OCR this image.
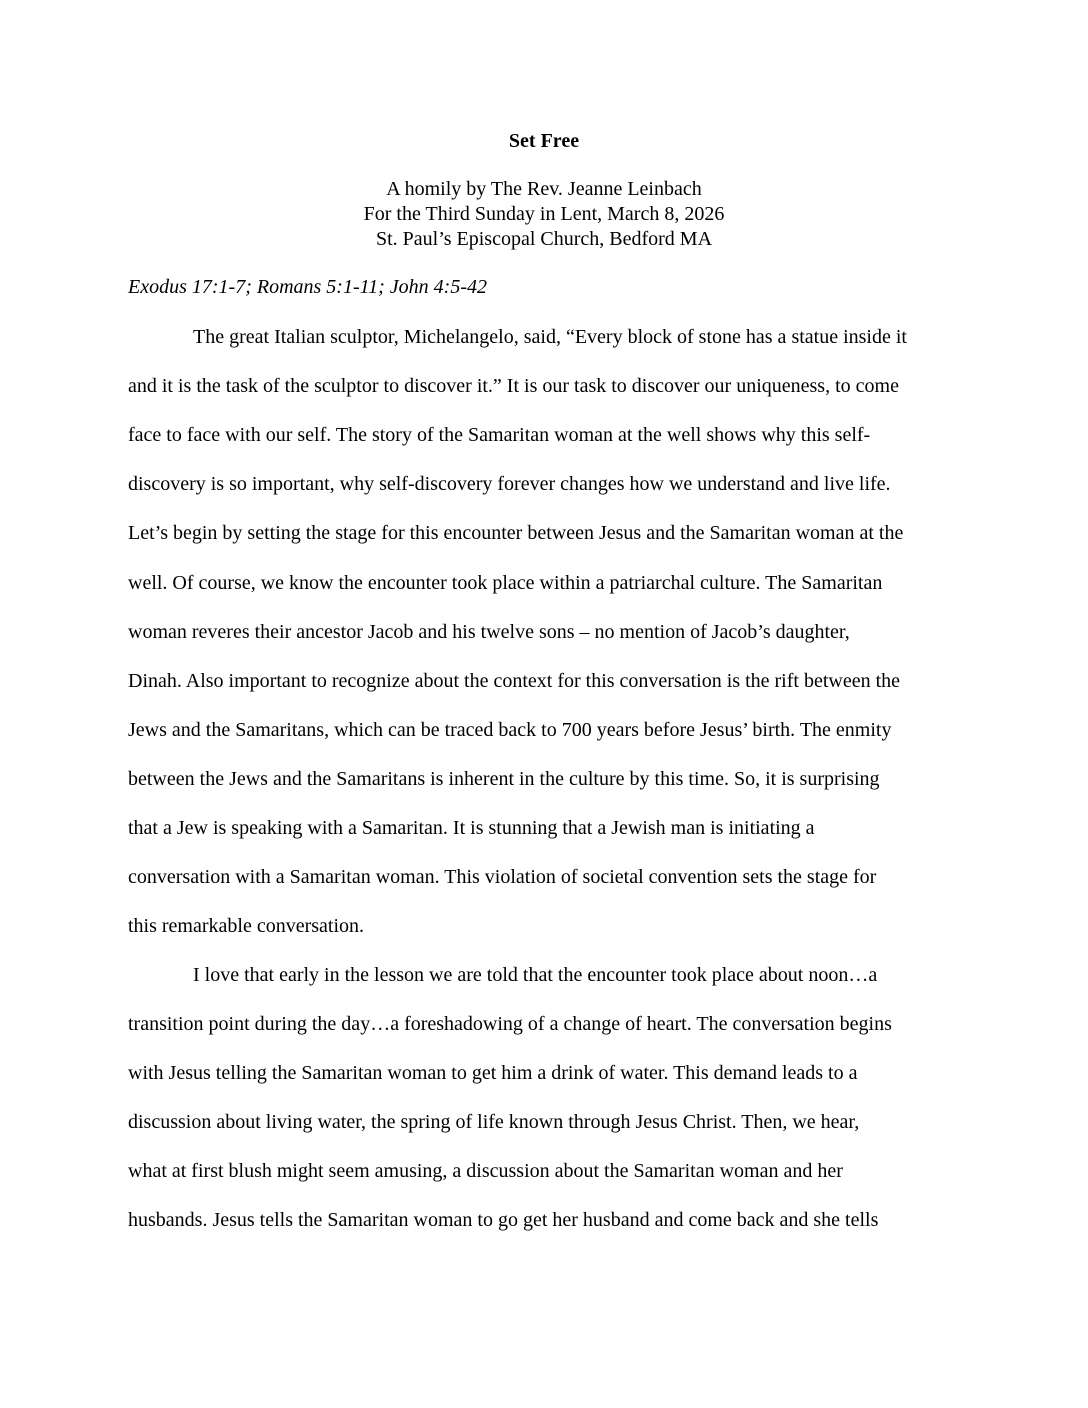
Set Free
A homily by The Rev. Jeanne Leinbach
For the Third Sunday in Lent, March 8, 2026
St. Paul’s Episcopal Church, Bedford MA
Exodus 17:1-7; Romans 5:1-11; John 4:5-42
The great Italian sculptor, Michelangelo, said, “Every block of stone has a statue inside it
and it is the task of the sculptor to discover it.” It is our task to discover our uniqueness, to come
face to face with our self. The story of the Samaritan woman at the well shows why this self-
discovery is so important, why self-discovery forever changes how we understand and live life.
Let’s begin by setting the stage for this encounter between Jesus and the Samaritan woman at the
well. Of course, we know the encounter took place within a patriarchal culture. The Samaritan
woman reveres their ancestor Jacob and his twelve sons – no mention of Jacob’s daughter,
Dinah. Also important to recognize about the context for this conversation is the rift between the
Jews and the Samaritans, which can be traced back to 700 years before Jesus’ birth. The enmity
between the Jews and the Samaritans is inherent in the culture by this time. So, it is surprising
that a Jew is speaking with a Samaritan. It is stunning that a Jewish man is initiating a
conversation with a Samaritan woman. This violation of societal convention sets the stage for
this remarkable conversation.
I love that early in the lesson we are told that the encounter took place about noon…a
transition point during the day…a foreshadowing of a change of heart. The conversation begins
with Jesus telling the Samaritan woman to get him a drink of water. This demand leads to a
discussion about living water, the spring of life known through Jesus Christ. Then, we hear,
what at first blush might seem amusing, a discussion about the Samaritan woman and her
husbands. Jesus tells the Samaritan woman to go get her husband and come back and she tells
